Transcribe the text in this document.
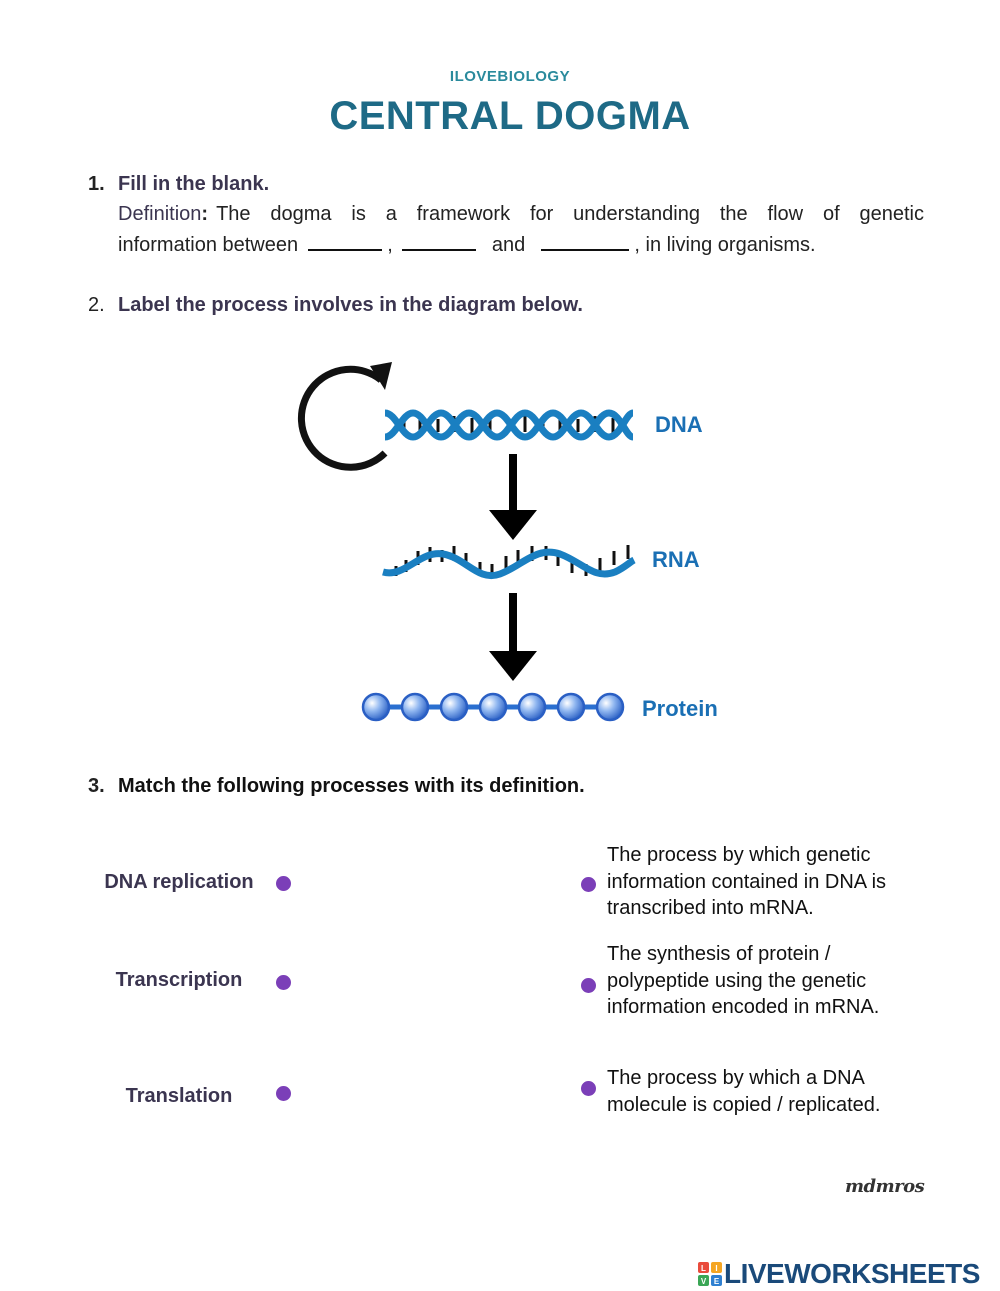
ILOVEBIOLOGY
CENTRAL DOGMA
1. Fill in the blank.
Definition: The dogma is a framework for understanding the flow of genetic
information between	,	and	, in living organisms.
2. Label the process involves in the diagram below.
DNA
RNA
Protein
3. Match the following processes with its definition.
DNA replication
Transcription
Translation
The process by which genetic
information contained in DNA is
transcribed into mRNA.
The synthesis of protein /
polypeptide using the genetic
information encoded in mRNA.
The process by which a DNA
molecule is copied / replicated.
mdmros
L I
V E LIVEWORKSHEETS
